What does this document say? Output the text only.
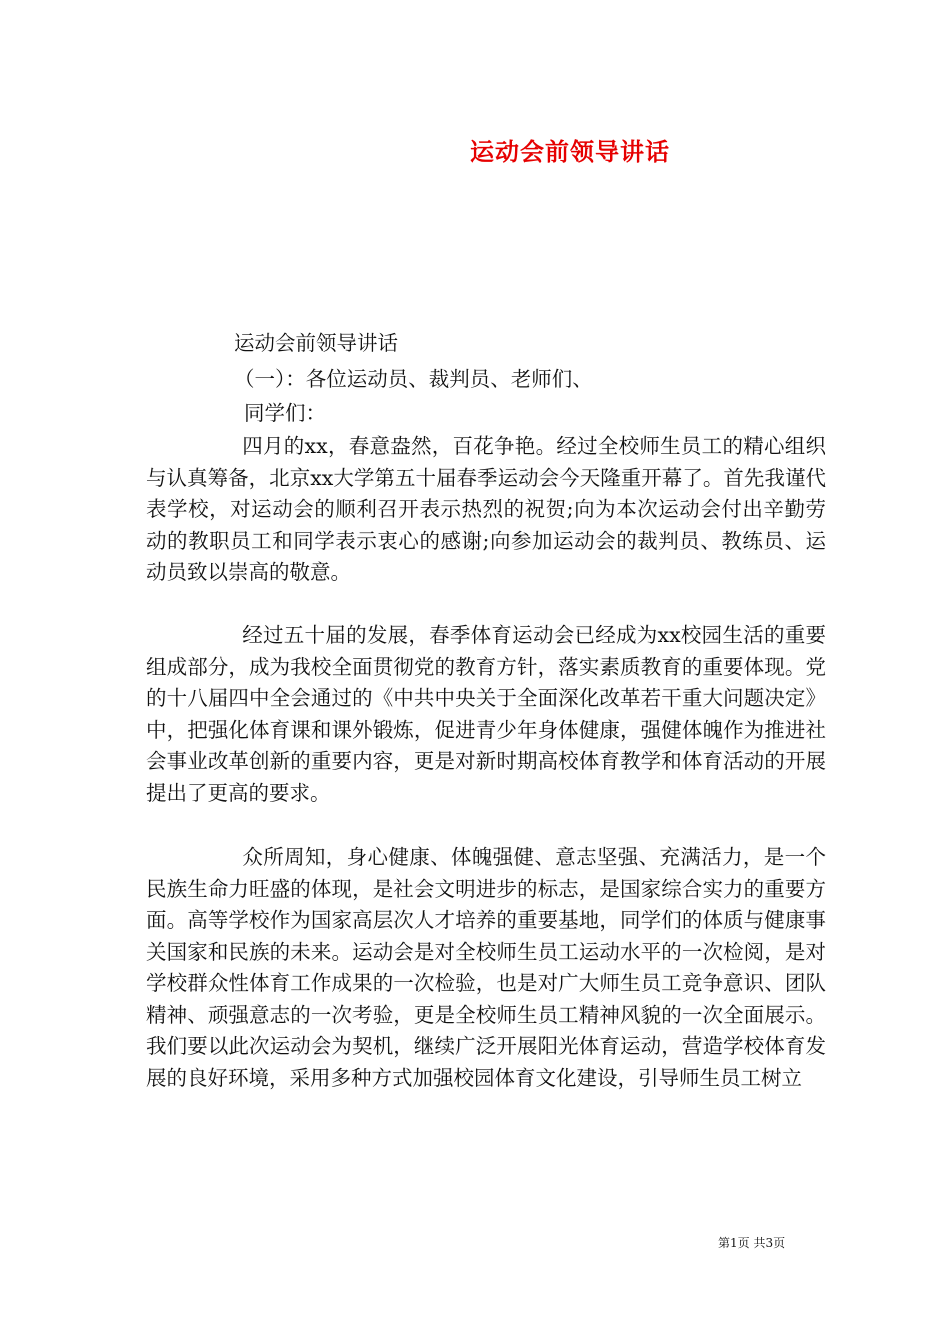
运动会前领导讲话
运动会前领导讲话
（一）：各位运动员、裁判员、老师们、
同学们：

四月的xx，春意盎然，百花争艳。经过全校师生员工的精心组织与认真筹备，北京xx大学第五十届春季运动会今天隆重开幕了。首先我谨代表学校，对运动会的顺利召开表示热烈的祝贺;向为本次运动会付出辛勤劳动的教职员工和同学表示衷心的感谢;向参加运动会的裁判员、教练员、运动员致以崇高的敬意。

经过五十届的发展，春季体育运动会已经成为xx校园生活的重要组成部分，成为我校全面贯彻党的教育方针，落实素质教育的重要体现。党的十八届四中全会通过的《中共中央关于全面深化改革若干重大问题决定》中，把强化体育课和课外锻炼，促进青少年身体健康，强健体魄作为推进社会事业改革创新的重要内容，更是对新时期高校体育教学和体育活动的开展提出了更高的要求。

众所周知，身心健康、体魄强健、意志坚强、充满活力，是一个民族生命力旺盛的体现，是社会文明进步的标志，是国家综合实力的重要方面。高等学校作为国家高层次人才培养的重要基地，同学们的体质与健康事关国家和民族的未来。运动会是对全校师生员工运动水平的一次检阅，是对学校群众性体育工作成果的一次检验，也是对广大师生员工竞争意识、团队精神、顽强意志的一次考验，更是全校师生员工精神风貌的一次全面展示。我们要以此次运动会为契机，继续广泛开展阳光体育运动，营造学校体育发展的良好环境，采用多种方式加强校园体育文化建设，引导师生员工树立

第1页 共3页
